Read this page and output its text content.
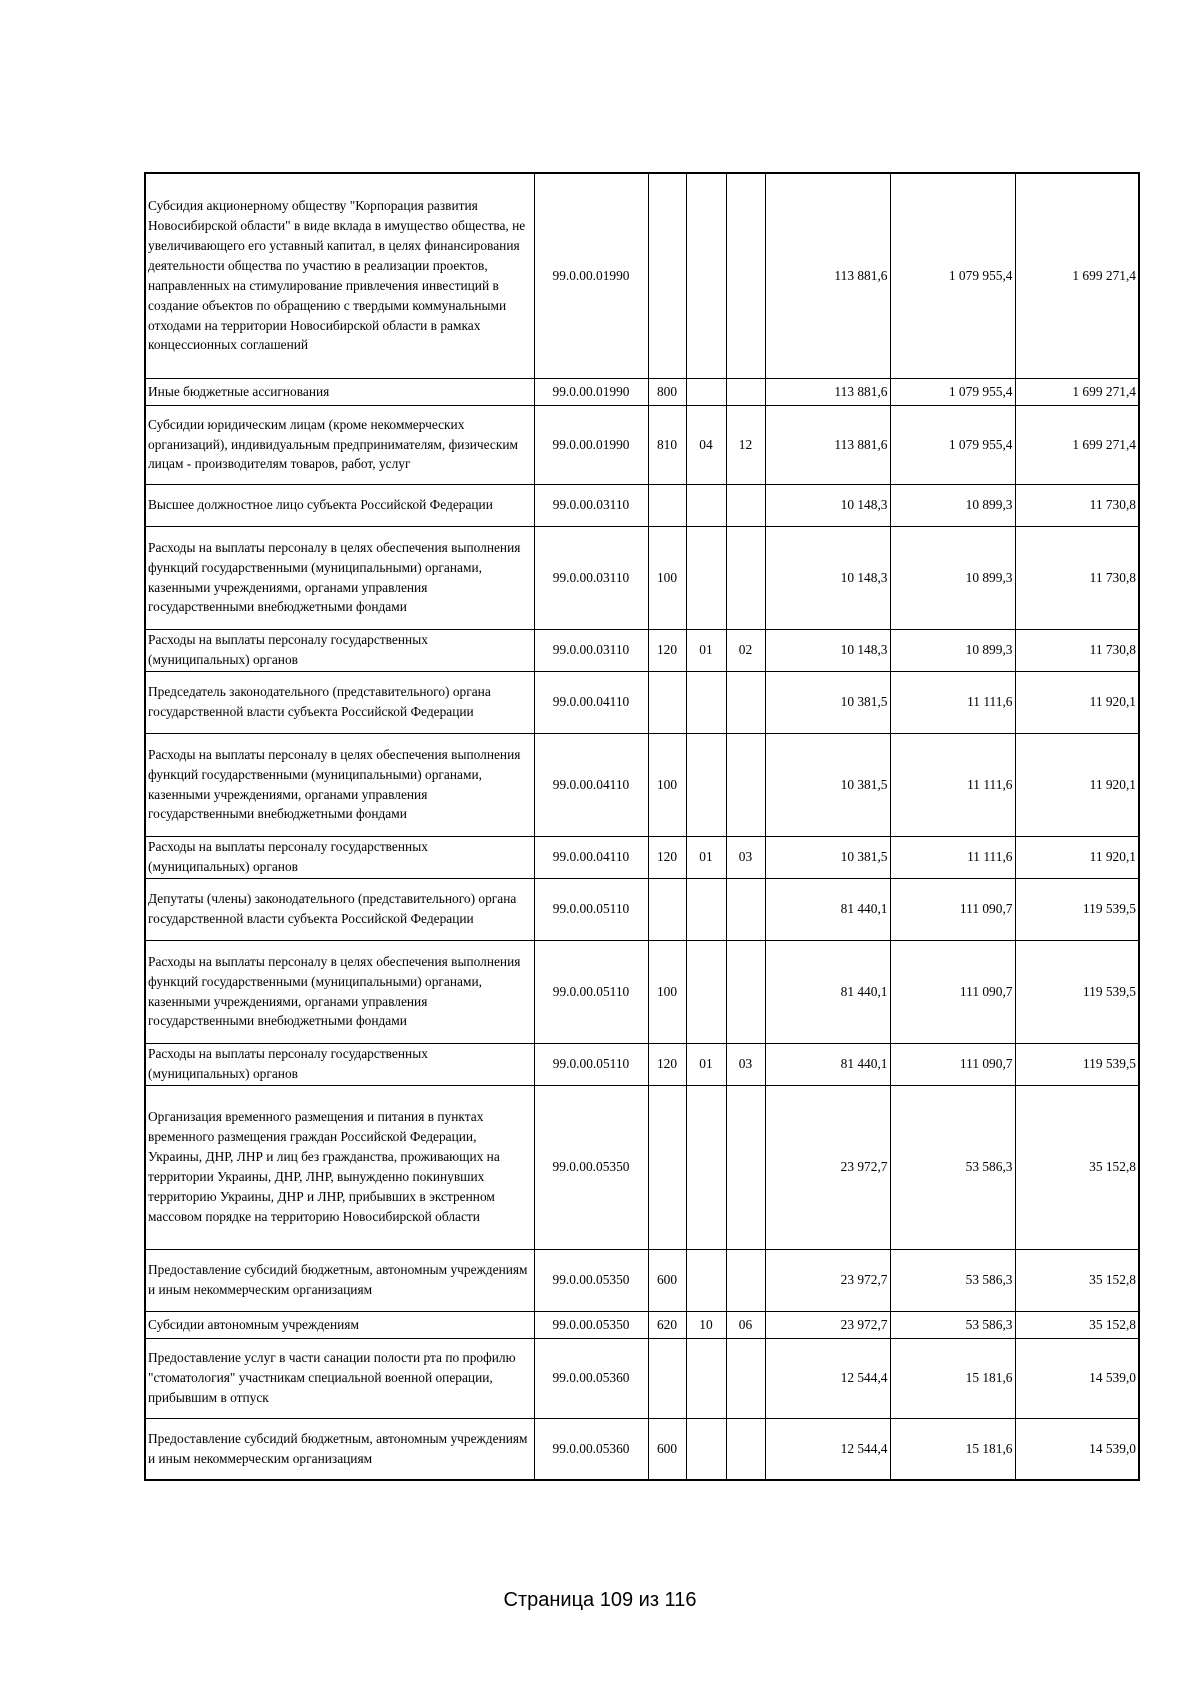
Субсидия акционерному обществу "Корпорация развития Новосибирской области" в виде вклада в имущество общества, не увеличивающего его уставный капитал, в целях финансирования деятельности общества по участию в реализации проектов, направленных на стимулирование привлечения инвестиций в создание объектов по обращению с твердыми коммунальными отходами на территории Новосибирской области в рамках концессионных соглашений	99.0.00.01990				113 881,6	1 079 955,4	1 699 271,4
Иные бюджетные ассигнования	99.0.00.01990	800			113 881,6	1 079 955,4	1 699 271,4
Субсидии юридическим лицам (кроме некоммерческих организаций), индивидуальным предпринимателям, физическим лицам - производителям товаров, работ, услуг	99.0.00.01990	810	04	12	113 881,6	1 079 955,4	1 699 271,4
Высшее должностное лицо субъекта Российской Федерации	99.0.00.03110				10 148,3	10 899,3	11 730,8
Расходы на выплаты персоналу в целях обеспечения выполнения функций государственными (муниципальными) органами, казенными учреждениями, органами управления государственными внебюджетными фондами	99.0.00.03110	100			10 148,3	10 899,3	11 730,8
Расходы на выплаты персоналу государственных (муниципальных) органов	99.0.00.03110	120	01	02	10 148,3	10 899,3	11 730,8
Председатель законодательного (представительного) органа государственной власти субъекта Российской Федерации	99.0.00.04110				10 381,5	11 111,6	11 920,1
Расходы на выплаты персоналу в целях обеспечения выполнения функций государственными (муниципальными) органами, казенными учреждениями, органами управления государственными внебюджетными фондами	99.0.00.04110	100			10 381,5	11 111,6	11 920,1
Расходы на выплаты персоналу государственных (муниципальных) органов	99.0.00.04110	120	01	03	10 381,5	11 111,6	11 920,1
Депутаты (члены) законодательного (представительного) органа государственной власти субъекта Российской Федерации	99.0.00.05110				81 440,1	111 090,7	119 539,5
Расходы на выплаты персоналу в целях обеспечения выполнения функций государственными (муниципальными) органами, казенными учреждениями, органами управления государственными внебюджетными фондами	99.0.00.05110	100			81 440,1	111 090,7	119 539,5
Расходы на выплаты персоналу государственных (муниципальных) органов	99.0.00.05110	120	01	03	81 440,1	111 090,7	119 539,5
Организация временного размещения и питания в пунктах временного размещения граждан Российской Федерации, Украины, ДНР, ЛНР и лиц без гражданства, проживающих на территории Украины, ДНР, ЛНР, вынужденно покинувших территорию Украины, ДНР и ЛНР, прибывших в экстренном массовом порядке на территорию Новосибирской области	99.0.00.05350				23 972,7	53 586,3	35 152,8
Предоставление субсидий бюджетным, автономным учреждениям и иным некоммерческим организациям	99.0.00.05350	600			23 972,7	53 586,3	35 152,8
Субсидии автономным учреждениям	99.0.00.05350	620	10	06	23 972,7	53 586,3	35 152,8
Предоставление услуг в части санации полости рта по профилю "стоматология" участникам специальной военной операции, прибывшим в отпуск	99.0.00.05360				12 544,4	15 181,6	14 539,0
Предоставление субсидий бюджетным, автономным учреждениям и иным некоммерческим организациям	99.0.00.05360	600			12 544,4	15 181,6	14 539,0
Страница 109 из 116
